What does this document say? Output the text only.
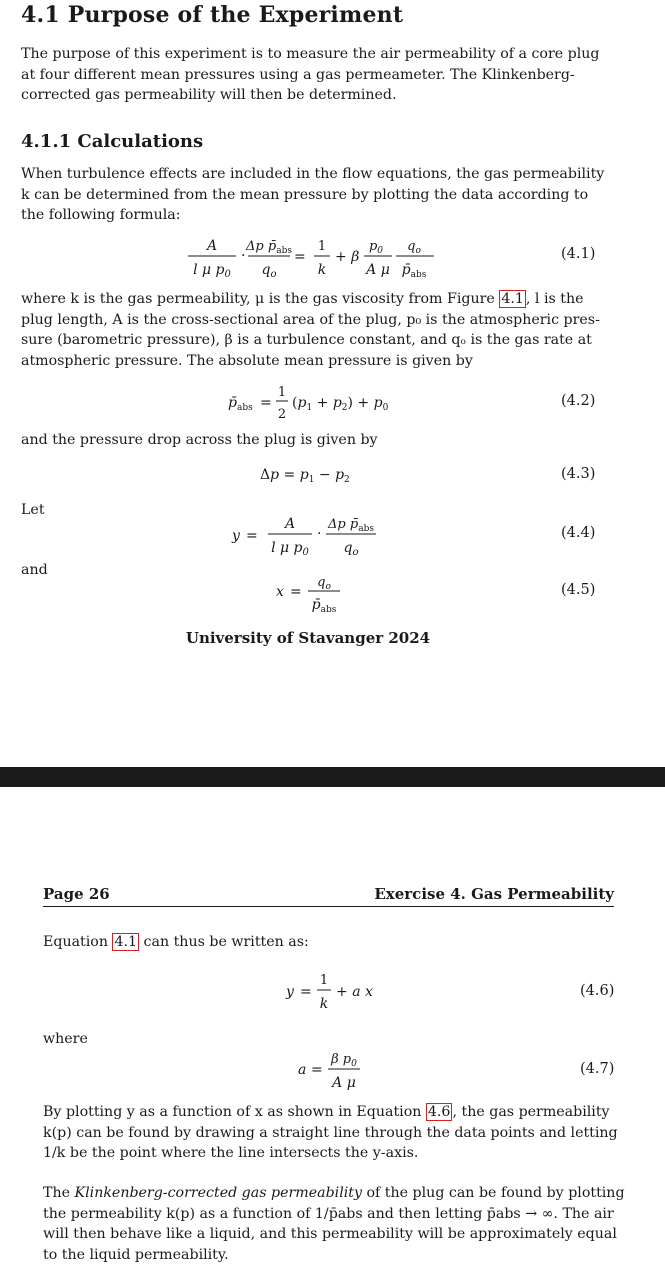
4.1 Purpose of the Experiment
The purpose of this experiment is to measure the air permeability of a core plug
at four different mean pressures using a gas permeameter. The Klinkenberg-
corrected gas permeability will then be determined.
4.1.1 Calculations
When turbulence effects are included in the flow equations, the gas permeability
k can be determined from the mean pressure by plotting the data according to
the following formula:
A
l μ $p_0$
·
Δp $p̄_{abs}$
$q_o$
=
1
k
+ β
$p_0$
A μ
$q_o$
$p̄_{abs}$
(4.1)
where k is the gas permeability, μ is the gas viscosity from Figure 4.1 , l is the
plug length, A is the cross-sectional area of the plug, p₀ is the atmospheric pres-
sure (barometric pressure), β is a turbulence constant, and qₒ is the gas rate at
atmospheric pressure. The absolute mean pressure is given by
$p̄_{abs}$ =
1
2
$(p_1 + p_2) + p_0$	(4.2)
and the pressure drop across the plug is given by
$\Delta p = p_1 - p_2$	(4.3)
Let
y =
A
l μ $p_0$
·
Δp $p̄_{abs}$
$q_o$
(4.4)
and
x =
$q_o$
$p̄_{abs}$
(4.5)
University of Stavanger 2024
Page 26	Exercise 4. Gas Permeability
Equation 4.1 can thus be written as:
y =
1
k
+ a x	(4.6)
where
a =
β $p_0$
A μ
(4.7)
By plotting y as a function of x as shown in Equation 4.6 , the gas permeability
k(p) can be found by drawing a straight line through the data points and letting
1/k be the point where the line intersects the y-axis.
The Klinkenberg-corrected gas permeability of the plug can be found by plotting
the permeability k(p) as a function of 1/p̄abs and then letting p̄abs → ∞. The air
will then behave like a liquid, and this permeability will be approximately equal
to the liquid permeability.
